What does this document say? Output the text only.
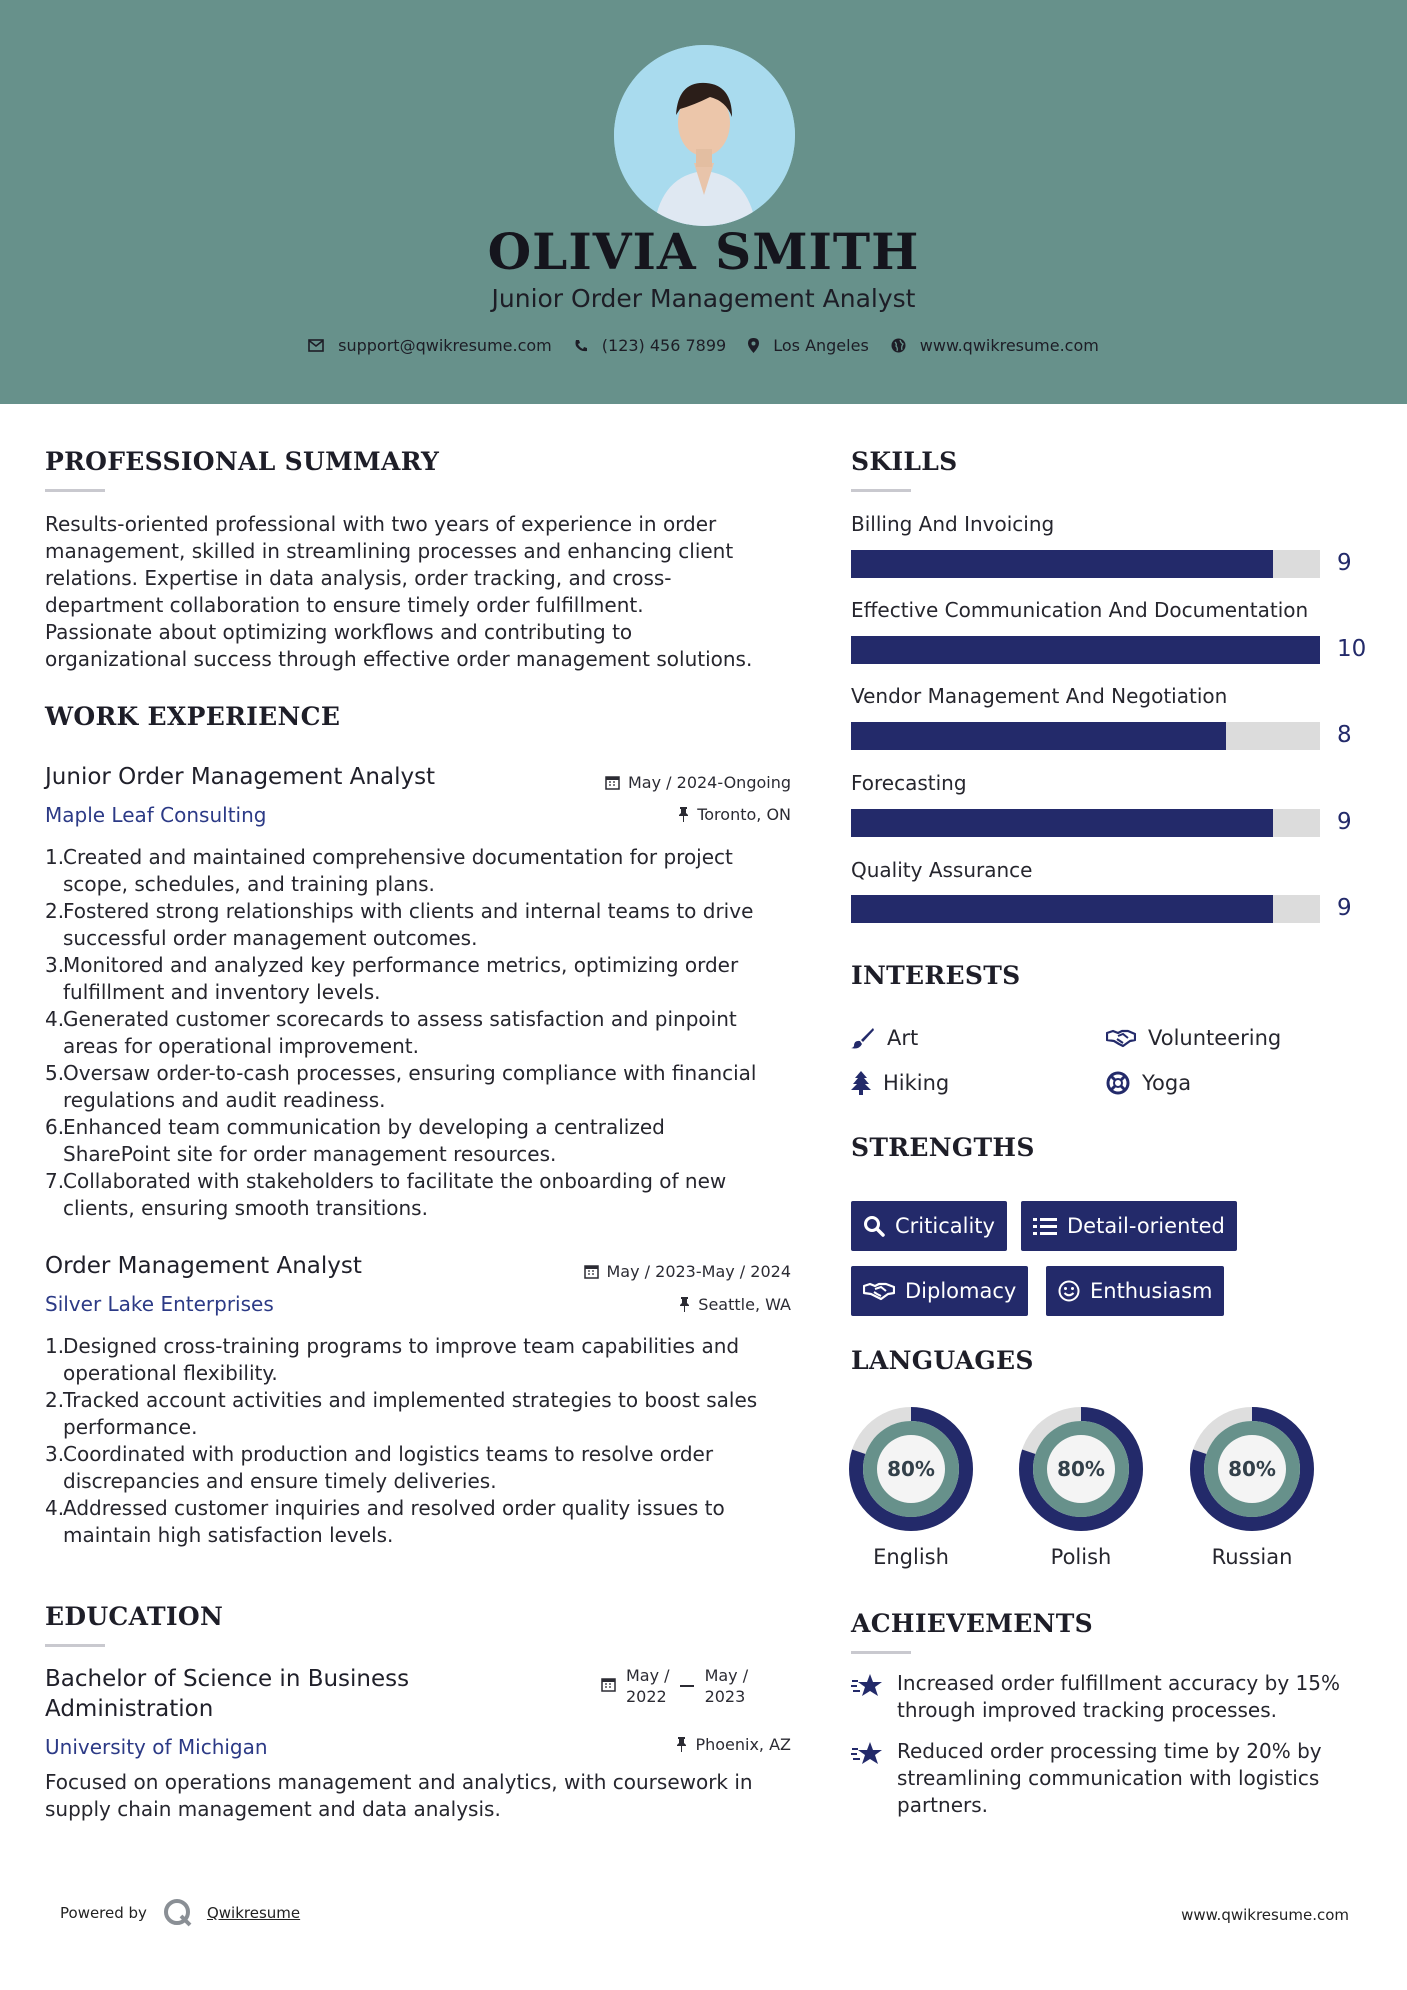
OLIVIA SMITH
Junior Order Management Analyst
support@qwikresume.com	(123) 456 7899	Los Angeles	www.qwikresume.com
PROFESSIONAL SUMMARY
Results-oriented professional with two years of experience in order
management, skilled in streamlining processes and enhancing client
relations. Expertise in data analysis, order tracking, and cross-
department collaboration to ensure timely order fulfillment.
Passionate about optimizing workflows and contributing to
organizational success through effective order management solutions.
WORK EXPERIENCE
Junior Order Management Analyst
Maple Leaf Consulting
May / 2024-Ongoing
Toronto, ON
1.
Created and maintained comprehensive documentation for project
scope, schedules, and training plans.
2.
Fostered strong relationships with clients and internal teams to drive
successful order management outcomes.
3.
Monitored and analyzed key performance metrics, optimizing order
fulfillment and inventory levels.
4.
Generated customer scorecards to assess satisfaction and pinpoint
areas for operational improvement.
5.
Oversaw order-to-cash processes, ensuring compliance with financial
regulations and audit readiness.
6.
Enhanced team communication by developing a centralized
SharePoint site for order management resources.
7.
Collaborated with stakeholders to facilitate the onboarding of new
clients, ensuring smooth transitions.
Order Management Analyst
Silver Lake Enterprises
May / 2023-May / 2024
Seattle, WA
1.
Designed cross-training programs to improve team capabilities and
operational flexibility.
2.
Tracked account activities and implemented strategies to boost sales
performance.
3.
Coordinated with production and logistics teams to resolve order
discrepancies and ensure timely deliveries.
4.
Addressed customer inquiries and resolved order quality issues to
maintain high satisfaction levels.
EDUCATION
Bachelor of Science in Business
Administration
University of Michigan
May /
2022
May /
2023
Phoenix, AZ
Focused on operations management and analytics, with coursework in
supply chain management and data analysis.
SKILLS
Billing And Invoicing
9
Effective Communication And Documentation
10
Vendor Management And Negotiation
8
Forecasting
9
Quality Assurance
9
INTERESTS
Art	Volunteering
Hiking	Yoga
STRENGTHS
Criticality	Detail-oriented
Diplomacy	Enthusiasm
LANGUAGES
80%
English
80%
Polish
80%
Russian
ACHIEVEMENTS
Increased order fulfillment accuracy by 15%
through improved tracking processes.
Reduced order processing time by 20% by
streamlining communication with logistics
partners.
Powered by	Qwikresume	www.qwikresume.com
